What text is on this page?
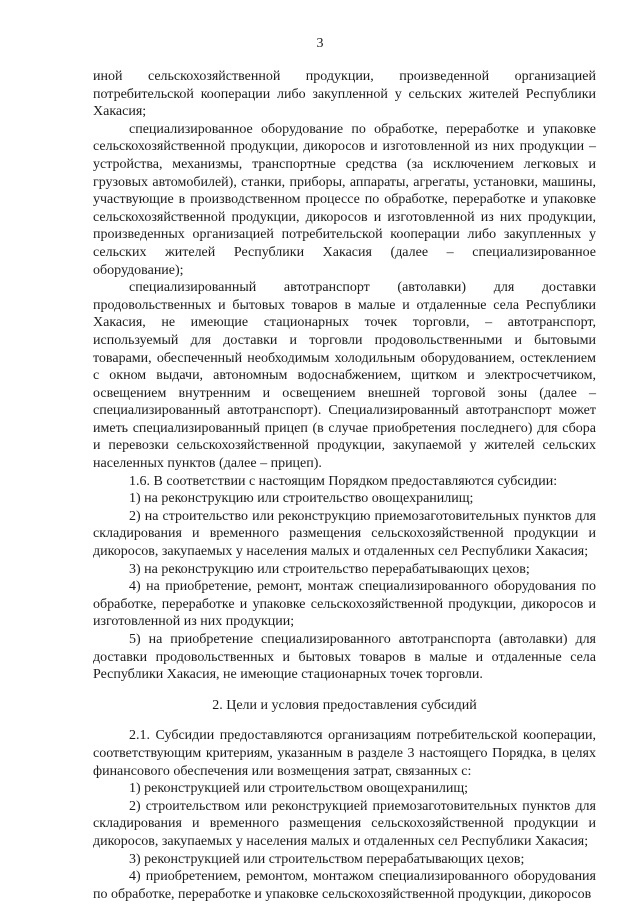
3

иной сельскохозяйственной продукции, произведенной организацией потребительской кооперации либо закупленной у сельских жителей Республики Хакасия;

специализированное оборудование по обработке, переработке и упаковке сельскохозяйственной продукции, дикоросов и изготовленной из них продукции – устройства, механизмы, транспортные средства (за исключением легковых и грузовых автомобилей), станки, приборы, аппараты, агрегаты, установки, машины, участвующие в производственном процессе по обработке, переработке и упаковке сельскохозяйственной продукции, дикоросов и изготовленной из них продукции, произведенных организацией потребительской кооперации либо закупленных у сельских жителей Республики Хакасия (далее – специализированное оборудование);

специализированный автотранспорт (автолавки) для доставки продовольственных и бытовых товаров в малые и отдаленные села Республики Хакасия, не имеющие стационарных точек торговли, – автотранспорт, используемый для доставки и торговли продовольственными и бытовыми товарами, обеспеченный необходимым холодильным оборудованием, остеклением с окном выдачи, автономным водоснабжением, щитком и электросчетчиком, освещением внутренним и освещением внешней торговой зоны (далее – специализированный автотранспорт). Специализированный автотранспорт может иметь специализированный прицеп (в случае приобретения последнего) для сбора и перевозки сельскохозяйственной продукции, закупаемой у жителей сельских населенных пунктов (далее – прицеп).

1.6. В соответствии с настоящим Порядком предоставляются субсидии:

1) на реконструкцию или строительство овощехранилищ;

2) на строительство или реконструкцию приемозаготовительных пунктов для складирования и временного размещения сельскохозяйственной продукции и дикоросов, закупаемых у населения малых и отдаленных сел Республики Хакасия;

3) на реконструкцию или строительство перерабатывающих цехов;

4) на приобретение, ремонт, монтаж специализированного оборудования по обработке, переработке и упаковке сельскохозяйственной продукции, дикоросов и изготовленной из них продукции;

5) на приобретение специализированного автотранспорта (автолавки) для доставки продовольственных и бытовых товаров в малые и отдаленные села Республики Хакасия, не имеющие стационарных точек торговли.

2. Цели и условия предоставления субсидий

2.1. Субсидии предоставляются организациям потребительской кооперации, соответствующим критериям, указанным в разделе 3 настоящего Порядка, в целях финансового обеспечения или возмещения затрат, связанных с:

1) реконструкцией или строительством овощехранилищ;

2) строительством или реконструкцией приемозаготовительных пунктов для складирования и временного размещения сельскохозяйственной продукции и дикоросов, закупаемых у населения малых и отдаленных сел Республики Хакасия;

3) реконструкцией или строительством перерабатывающих цехов;

4) приобретением, ремонтом, монтажом специализированного оборудования по обработке, переработке и упаковке сельскохозяйственной продукции, дикоросов
